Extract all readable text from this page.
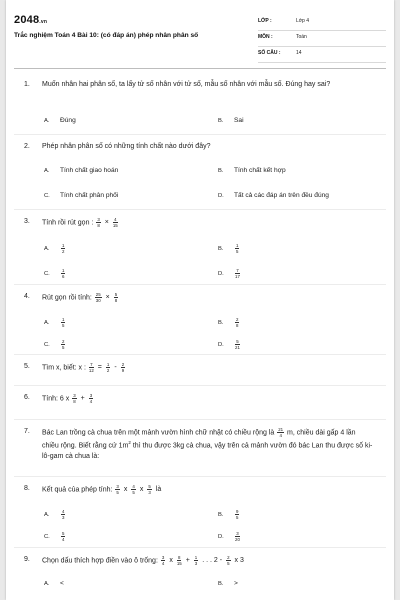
2048.vn
Trắc nghiệm Toán 4 Bài 10: (có đáp án) phép nhân phân số
LỚP :	Lớp 4
MÔN :	Toán
SỐ CÂU :	14
1. Muốn nhân hai phân số, ta lấy tử số nhân với tử số, mẫu số nhân với mẫu số. Đúng hay sai?
A. Đúng	B. Sai
2. Phép nhân phân số có những tính chất nào dưới đây?
A. Tính chất giao hoán	B. Tính chất kết hợp
C. Tính chất phân phối	D. Tất cả các đáp án trên đều đúng
3. Tính rồi rút gọn : $\frac{3}{8} \times \frac{4}{15}$
A.	$\frac{1}{2}$	B.	$\frac{1}{5}$
C.	$\frac{1}{6}$	D.	$\frac{7}{17}$
4. Rút gọn rồi tính: $\frac{25}{30} \times \frac{5}{8}$
A.	$\frac{1}{5}$	B.	$\frac{2}{8}$
C.	$\frac{2}{5}$	D.	$\frac{5}{21}$
5. Tìm x, biết: x : $\frac{7}{12} = \frac{1}{2} - \frac{2}{9}$
6. Tính: 6 x $\frac{3}{8} + \frac{3}{4}$
7. Bác Lan trồng cà chua trên một mảnh vườn hình chữ nhật có chiều rộng là $\frac{21}{4} m$, chiều dài gấp 4 lần chiều rộng. Biết rằng cứ $1m^2$ thì thu được 3kg cà chua, vậy trên cả mảnh vườn đó bác Lan thu được số ki-lô-gam cà chua là:
8. Kết quả của phép tính: $\frac{3}{5}$ x $\frac{4}{5}$ x $\frac{5}{3}$ là
A.	$\frac{4}{3}$	B.	$\frac{9}{5}$
C.	$\frac{5}{4}$	D.	$\frac{3}{20}$
9. Chọn dấu thích hợp điền vào ô trống: $\frac{3}{4}$ x $\frac{8}{15} + \frac{1}{3}$ . . . $2 - \frac{2}{5}$ x 3
A. <	B. >
